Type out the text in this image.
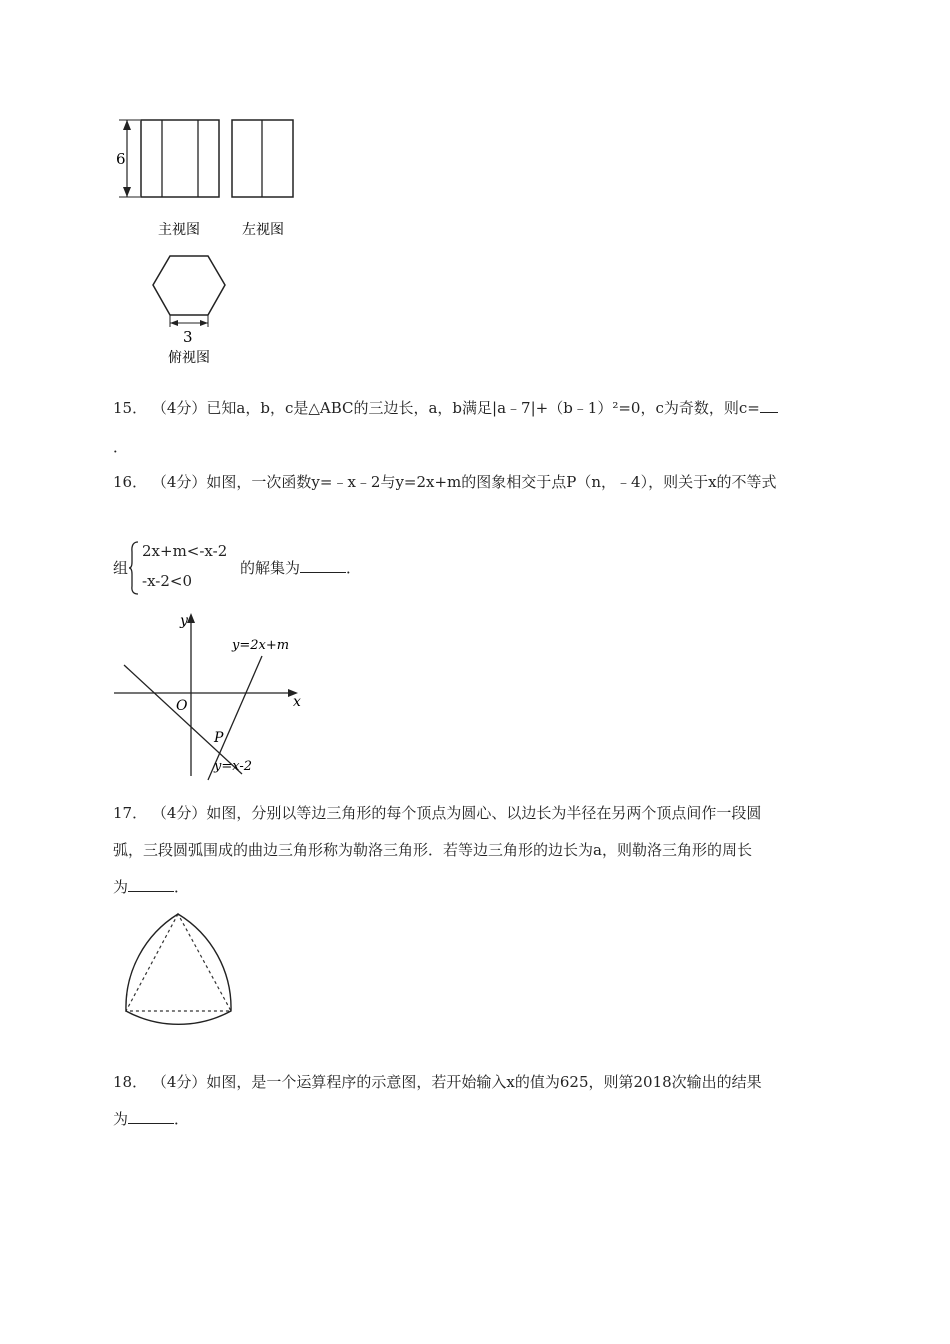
6
主视图	左视图
3
俯视图
15． （4分）已知a，b，c是△ABC的三边长，a，b满足|a﹣7|+（b﹣1）²=0，c为奇数，则c=
．
16． （4分）如图，一次函数y=﹣x﹣2与y=2x+m的图象相交于点P（n，﹣4），则关于x的不等式
组
2x+m<-x-2
-x-2<0
的解集为	．
y
x
O
P
y=2x+m
y=x-2
17． （4分）如图，分别以等边三角形的每个顶点为圆心、以边长为半径在另两个顶点间作一段圆
弧，三段圆弧围成的曲边三角形称为勒洛三角形．若等边三角形的边长为a，则勒洛三角形的周长
为	．
18． （4分）如图，是一个运算程序的示意图，若开始输入x的值为625，则第2018次输出的结果
为	．
